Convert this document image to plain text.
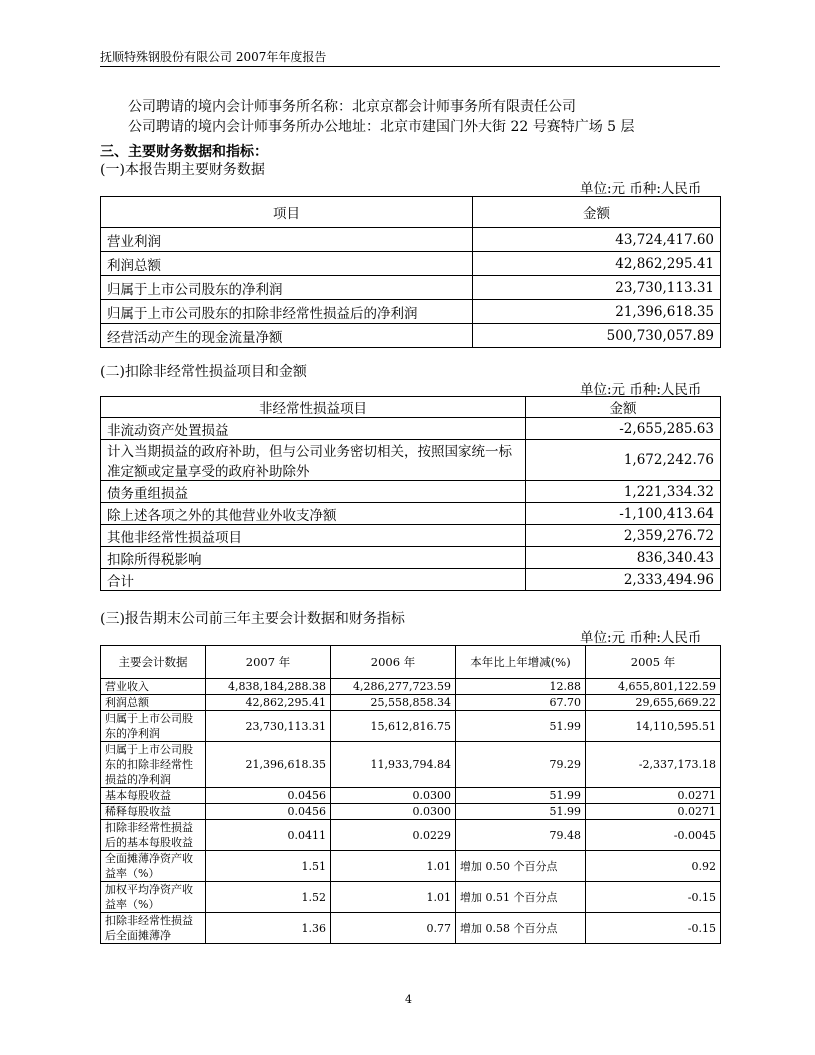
抚顺特殊钢股份有限公司 2007年年度报告
公司聘请的境内会计师事务所名称：北京京都会计师事务所有限责任公司
公司聘请的境内会计师事务所办公地址：北京市建国门外大街 22 号赛特广场 5 层
三、主要财务数据和指标：
(一)本报告期主要财务数据
单位:元 币种:人民币
项目	金额
营业利润	43,724,417.60
利润总额	42,862,295.41
归属于上市公司股东的净利润	23,730,113.31
归属于上市公司股东的扣除非经常性损益后的净利润	21,396,618.35
经营活动产生的现金流量净额	500,730,057.89
(二)扣除非经常性损益项目和金额
单位:元 币种:人民币
非经常性损益项目	金额
非流动资产处置损益	-2,655,285.63
计入当期损益的政府补助，但与公司业务密切相关，按照国家统一标准定额或定量享受的政府补助除外	1,672,242.76
债务重组损益	1,221,334.32
除上述各项之外的其他营业外收支净额	-1,100,413.64
其他非经常性损益项目	2,359,276.72
扣除所得税影响	836,340.43
合计	2,333,494.96
(三)报告期末公司前三年主要会计数据和财务指标
单位:元 币种:人民币
主要会计数据	2007 年	2006 年	本年比上年增减(%)	2005 年
营业收入	4,838,184,288.38	4,286,277,723.59	12.88	4,655,801,122.59
利润总额	42,862,295.41	25,558,858.34	67.70	29,655,669.22
归属于上市公司股东的净利润	23,730,113.31	15,612,816.75	51.99	14,110,595.51
归属于上市公司股东的扣除非经常性损益的净利润	21,396,618.35	11,933,794.84	79.29	-2,337,173.18
基本每股收益	0.0456	0.0300	51.99	0.0271
稀释每股收益	0.0456	0.0300	51.99	0.0271
扣除非经常性损益后的基本每股收益	0.0411	0.0229	79.48	-0.0045
全面摊薄净资产收益率（%）	1.51	1.01	增加 0.50 个百分点	0.92
加权平均净资产收益率（%）	1.52	1.01	增加 0.51 个百分点	-0.15
扣除非经常性损益后全面摊薄净	1.36	0.77	增加 0.58 个百分点	-0.15
4
